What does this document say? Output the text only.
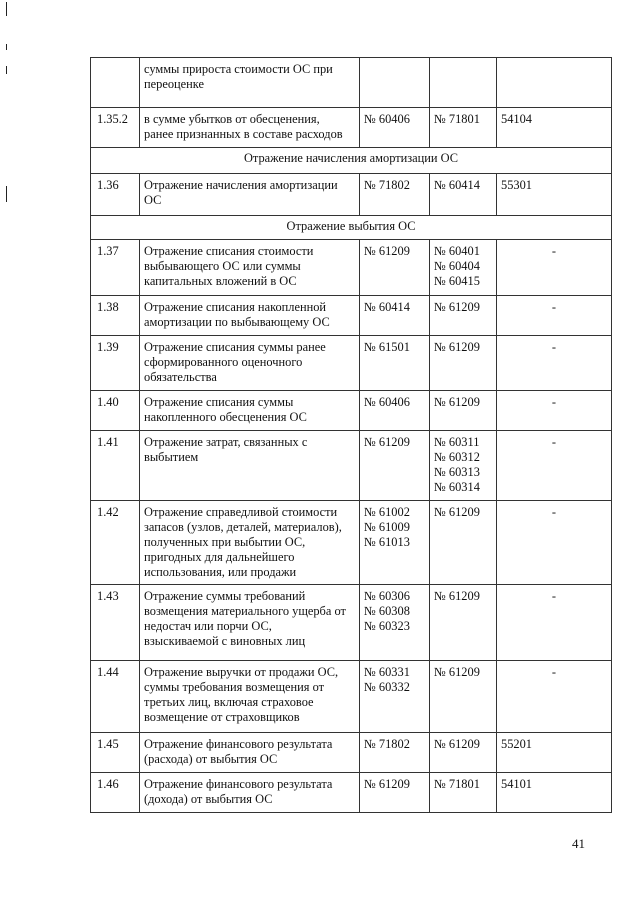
	суммы прироста стоимости ОС при
переоценке			

1.35.2	в сумме убытков от обесценения,
ранее признанных в составе расходов	№ 60406	№ 71801	54104
Отражение начисления амортизации ОС				
1.36	Отражение начисления амортизации
ОС	№ 71802	№ 60414	55301
Отражение выбытия ОС				
1.37	Отражение списания стоимости
выбывающего ОС или суммы
капитальных вложений в ОС	№ 61209	№ 60401
№ 60404
№ 60415	-

1.38	Отражение списания накопленной
амортизации по выбывающему ОС	№ 60414	№ 61209	-

1.39	Отражение списания суммы ранее
сформированного оценочного
обязательства	№ 61501	№ 61209	-

1.40	Отражение списания суммы
накопленного обесценения ОС	№ 60406	№ 61209	-

1.41	Отражение затрат, связанных с
выбытием	№ 61209	№ 60311
№ 60312
№ 60313
№ 60314	-

1.42	Отражение справедливой стоимости
запасов (узлов, деталей, материалов),
полученных при выбытии ОС,
пригодных для дальнейшего
использования, или продажи	№ 61002
№ 61009
№ 61013	№ 61209	-

1.43	Отражение суммы требований
возмещения материального ущерба от
недостач или порчи ОС,
взыскиваемой с виновных лиц	№ 60306
№ 60308
№ 60323	№ 61209	-

1.44	Отражение выручки от продажи ОС,
суммы требования возмещения от
третьих лиц, включая страховое
возмещение от страховщиков	№ 60331
№ 60332	№ 61209	-

1.45	Отражение финансового результата
(расхода) от выбытия ОС	№ 71802	№ 61209	55201
1.46	Отражение финансового результата
(дохода) от выбытия ОС	№ 61209	№ 71801	54101
41
